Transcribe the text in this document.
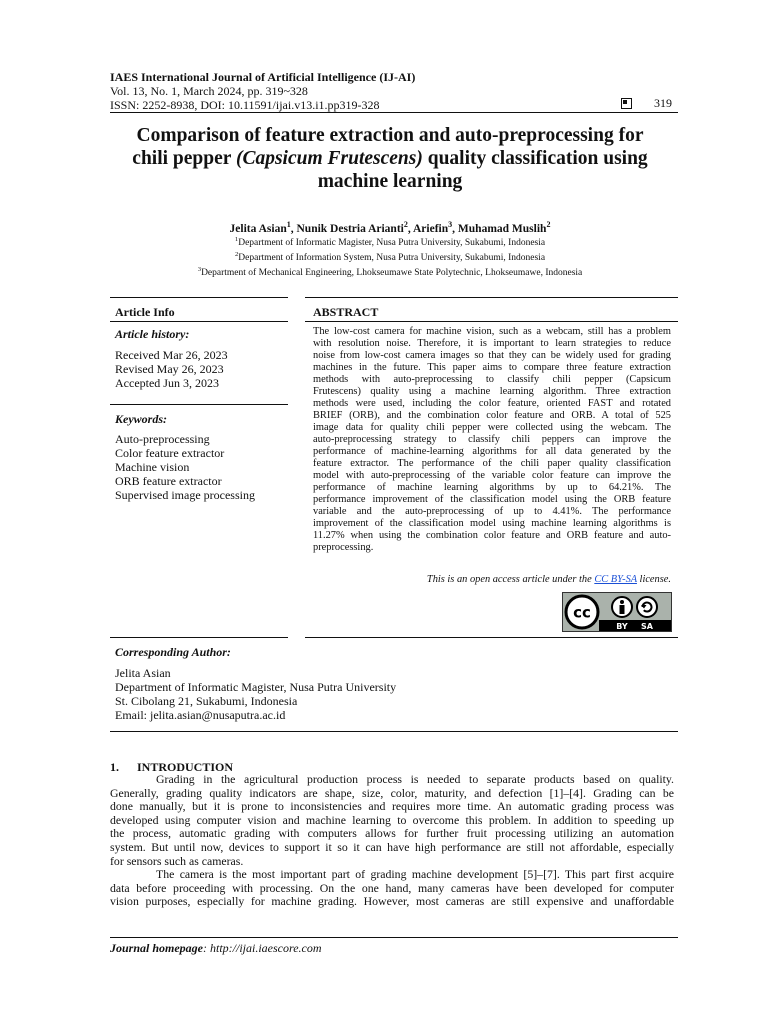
IAES International Journal of Artificial Intelligence (IJ-AI)
Vol. 13, No. 1, March 2024, pp. 319~328
ISSN: 2252-8938, DOI: 10.11591/ijai.v13.i1.pp319-328	319
Comparison of feature extraction and auto-preprocessing for
chili pepper (Capsicum Frutescens) quality classification using
machine learning
Jelita Asian$^1$, Nunik Destria Arianti$^2$, Ariefin$^3$, Muhamad Muslih$^2$
$^1$Department of Informatic Magister, Nusa Putra University, Sukabumi, Indonesia
$^2$Department of Information System, Nusa Putra University, Sukabumi, Indonesia
$^3$Department of Mechanical Engineering, Lhokseumawe State Polytechnic, Lhokseumawe, Indonesia
Article Info
Article history:
Received Mar 26, 2023
Revised May 26, 2023
Accepted Jun 3, 2023
Keywords:
Auto-preprocessing
Color feature extractor
Machine vision
ORB feature extractor
Supervised image processing
ABSTRACT
The low-cost camera for machine vision, such as a webcam, still has a problem
with resolution noise. Therefore, it is important to learn strategies to reduce
noise from low-cost camera images so that they can be widely used for grading
machines in the future. This paper aims to compare three feature extraction
methods with auto-preprocessing to classify chili pepper (Capsicum
Frutescens) quality using a machine learning algorithm. Three extraction
methods were used, including the color feature, oriented FAST and rotated
BRIEF (ORB), and the combination color feature and ORB. A total of 525
image data for quality chili pepper were collected using the webcam. The
auto-preprocessing strategy to classify chili peppers can improve the
performance of machine-learning algorithms for all data generated by the
feature extractor. The performance of the chili paper quality classification
model with auto-preprocessing of the variable color feature can improve the
performance of machine learning algorithms by up to 64.21%. The
performance improvement of the classification model using the ORB feature
variable and the auto-preprocessing of up to 4.41%. The performance
improvement of the classification model using machine learning algorithms is
11.27% when using the combination color feature and ORB feature and auto-
preprocessing.
This is an open access article under the CC BY-SA license.
cc
BY SA
Corresponding Author:
Jelita Asian
Department of Informatic Magister, Nusa Putra University
St. Cibolang 21, Sukabumi, Indonesia
Email: jelita.asian@nusaputra.ac.id
1. INTRODUCTION
Grading in the agricultural production process is needed to separate products based on quality.
Generally, grading quality indicators are shape, size, color, maturity, and defection [1]–[4]. Grading can be
done manually, but it is prone to inconsistencies and requires more time. An automatic grading process was
developed using computer vision and machine learning to overcome this problem. In addition to speeding up
the process, automatic grading with computers allows for further fruit processing utilizing an automation
system. But until now, devices to support it so it can have high performance are still not affordable, especially
for sensors such as cameras.
The camera is the most important part of grading machine development [5]–[7]. This part first acquire
data before proceeding with processing. On the one hand, many cameras have been developed for computer
vision purposes, especially for machine grading. However, most cameras are still expensive and unaffordable
Journal homepage: http://ijai.iaescore.com
